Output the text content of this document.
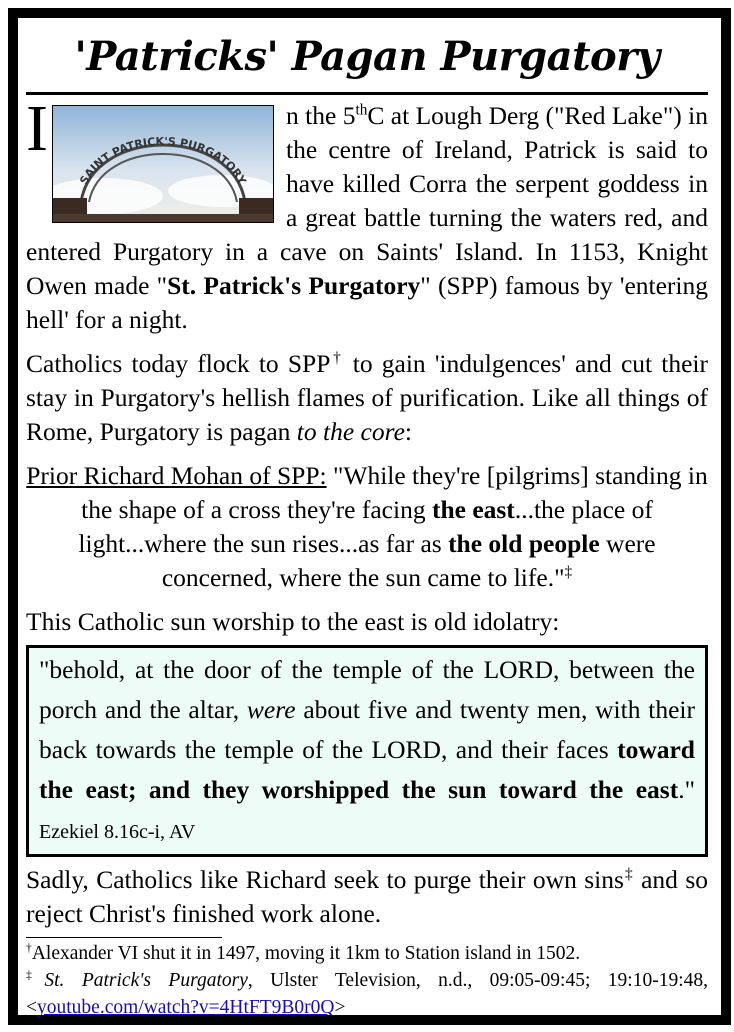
'Patricks' Pagan Purgatory

I	n the 5th
SAINT PATRICK'S PURGATORY
C at Lough Derg ("Red Lake") in the centre of Ireland, Patrick is said to have killed Corra the serpent goddess in a great battle turning the waters red, and entered Purgatory in a cave on Saints' Island. In 1153, Knight Owen made "St. Patrick's Purgatory" (SPP) famous by 'entering hell' for a night.

Catholics today flock to SPP† to gain 'indulgences' and cut their stay in Purgatory's hellish flames of purification. Like all things of Rome, Purgatory is pagan to the core:

Prior Richard Mohan of SPP: "While they're [pilgrims] standing in the shape of a cross they're facing the east...the place of light...where the sun rises...as far as the old people were concerned, where the sun came to life."‡

This Catholic sun worship to the east is old idolatry:

"behold, at the door of the temple of the LORD, between the porch and the altar, were about five and twenty men, with their back towards the temple of the LORD, and their faces toward the east; and they worshipped the sun toward the east." Ezekiel 8.16c-i, AV

Sadly, Catholics like Richard seek to purge their own sins‡ and so reject Christ's finished work alone.

†Alexander VI shut it in 1497, moving it 1km to Station island in 1502.

‡St. Patrick's Purgatory, Ulster Television, n.d., 09:05-09:45; 19:10-19:48, <youtube.com/watch?v=4HtFT9B0r0Q>
